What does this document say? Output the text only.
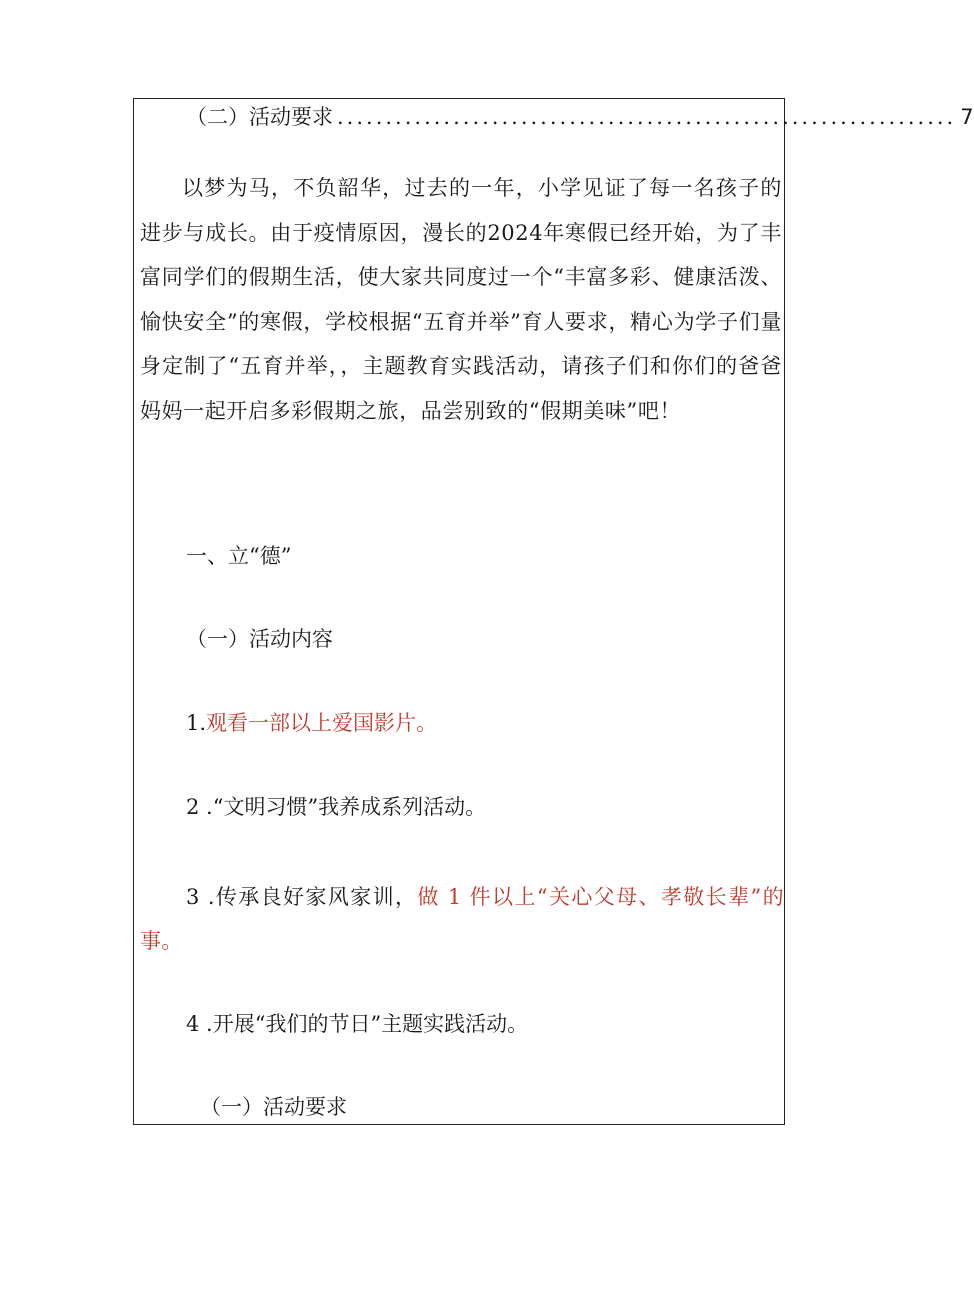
（二）活动要求 ................................................................ 7
以梦为马，不负韶华，过去的一年，小学见证了每一名孩子的进步与成长。由于疫情原因，漫长的2024年寒假已经开始，为了丰富同学们的假期生活，使大家共同度过一个“丰富多彩、健康活泼、愉快安全”的寒假，学校根据“五育并举”育人要求，精心为学子们量身定制了“五育并举，，主题教育实践活动，请孩子们和你们的爸爸妈妈一起开启多彩假期之旅，品尝别致的“假期美味”吧！
一、立“德”
（一）活动内容
1.观看一部以上爱国影片。
2 .“文明习惯”我养成系列活动。
3 .传承良好家风家训，做 1 件以上“关心父母、孝敬长辈”的事。
4 .开展“我们的节日”主题实践活动。
（一）活动要求
